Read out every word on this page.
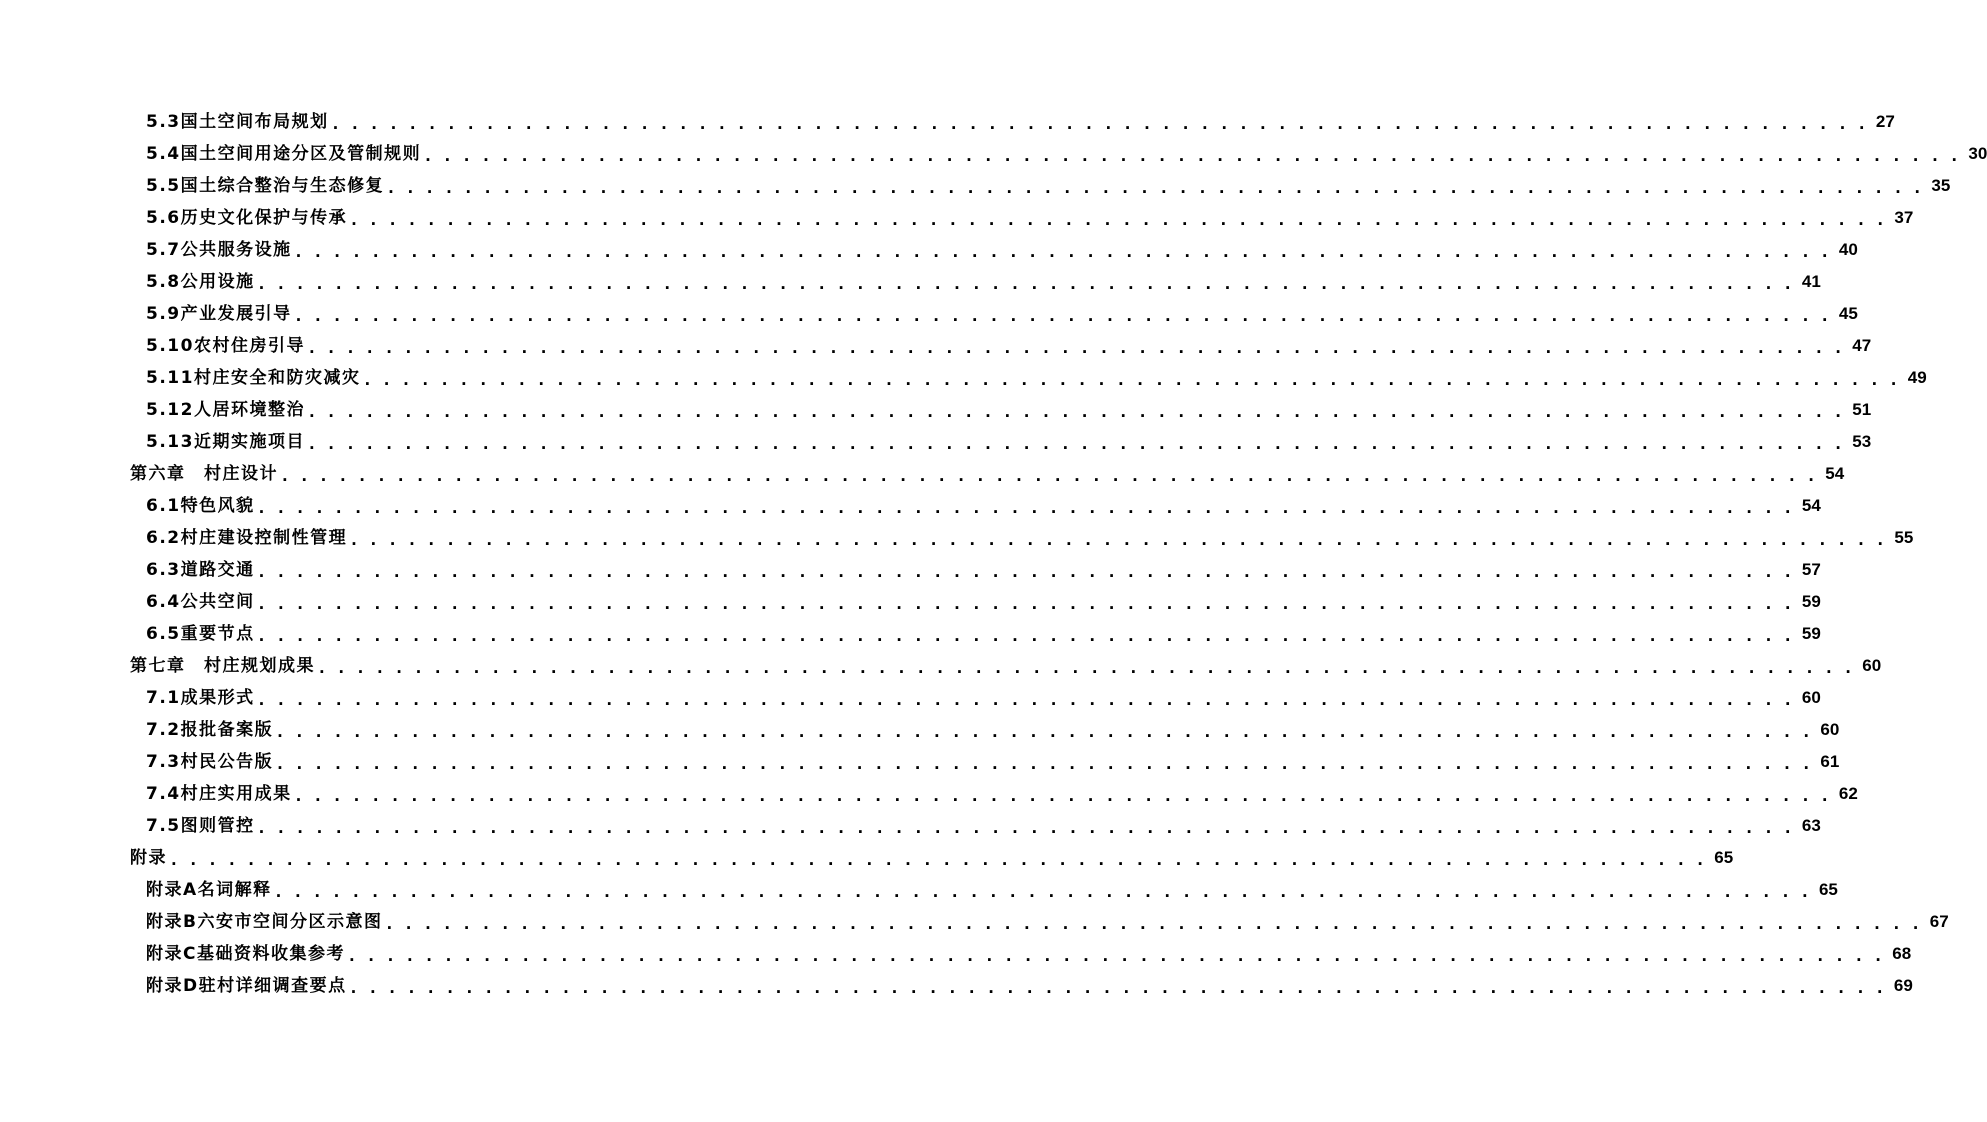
5.3国土空间布局规划 . . . . . . . . . . . . . . . . . . . . . . . . . . . . . . . . . . . . . . . . . . . . . . . . . . . . . . . . . . . . . . . . . . . . . . . . . . . . . . . . 27
5.4国土空间用途分区及管制规则 . . . . . . . . . . . . . . . . . . . . . . . . . . . . . . . . . . . . . . . . . . . . . . . . . . . . . . . . . . . . . . . . . . . . . . . . . . . . . . . . 30
5.5国土综合整治与生态修复 . . . . . . . . . . . . . . . . . . . . . . . . . . . . . . . . . . . . . . . . . . . . . . . . . . . . . . . . . . . . . . . . . . . . . . . . . . . . . . . . 35
5.6历史文化保护与传承 . . . . . . . . . . . . . . . . . . . . . . . . . . . . . . . . . . . . . . . . . . . . . . . . . . . . . . . . . . . . . . . . . . . . . . . . . . . . . . . . 37
5.7公共服务设施 . . . . . . . . . . . . . . . . . . . . . . . . . . . . . . . . . . . . . . . . . . . . . . . . . . . . . . . . . . . . . . . . . . . . . . . . . . . . . . . . 40
5.8公用设施 . . . . . . . . . . . . . . . . . . . . . . . . . . . . . . . . . . . . . . . . . . . . . . . . . . . . . . . . . . . . . . . . . . . . . . . . . . . . . . . . 41
5.9产业发展引导 . . . . . . . . . . . . . . . . . . . . . . . . . . . . . . . . . . . . . . . . . . . . . . . . . . . . . . . . . . . . . . . . . . . . . . . . . . . . . . . . 45
5.10农村住房引导 . . . . . . . . . . . . . . . . . . . . . . . . . . . . . . . . . . . . . . . . . . . . . . . . . . . . . . . . . . . . . . . . . . . . . . . . . . . . . . . . 47
5.11村庄安全和防灾减灾 . . . . . . . . . . . . . . . . . . . . . . . . . . . . . . . . . . . . . . . . . . . . . . . . . . . . . . . . . . . . . . . . . . . . . . . . . . . . . . . . 49
5.12人居环境整治 . . . . . . . . . . . . . . . . . . . . . . . . . . . . . . . . . . . . . . . . . . . . . . . . . . . . . . . . . . . . . . . . . . . . . . . . . . . . . . . . 51
5.13近期实施项目 . . . . . . . . . . . . . . . . . . . . . . . . . . . . . . . . . . . . . . . . . . . . . . . . . . . . . . . . . . . . . . . . . . . . . . . . . . . . . . . . 53
第六章　村庄设计 . . . . . . . . . . . . . . . . . . . . . . . . . . . . . . . . . . . . . . . . . . . . . . . . . . . . . . . . . . . . . . . . . . . . . . . . . . . . . . . . 54
6.1特色风貌 . . . . . . . . . . . . . . . . . . . . . . . . . . . . . . . . . . . . . . . . . . . . . . . . . . . . . . . . . . . . . . . . . . . . . . . . . . . . . . . . 54
6.2村庄建设控制性管理 . . . . . . . . . . . . . . . . . . . . . . . . . . . . . . . . . . . . . . . . . . . . . . . . . . . . . . . . . . . . . . . . . . . . . . . . . . . . . . . . 55
6.3道路交通 . . . . . . . . . . . . . . . . . . . . . . . . . . . . . . . . . . . . . . . . . . . . . . . . . . . . . . . . . . . . . . . . . . . . . . . . . . . . . . . . 57
6.4公共空间 . . . . . . . . . . . . . . . . . . . . . . . . . . . . . . . . . . . . . . . . . . . . . . . . . . . . . . . . . . . . . . . . . . . . . . . . . . . . . . . . 59
6.5重要节点 . . . . . . . . . . . . . . . . . . . . . . . . . . . . . . . . . . . . . . . . . . . . . . . . . . . . . . . . . . . . . . . . . . . . . . . . . . . . . . . . 59
第七章　村庄规划成果 . . . . . . . . . . . . . . . . . . . . . . . . . . . . . . . . . . . . . . . . . . . . . . . . . . . . . . . . . . . . . . . . . . . . . . . . . . . . . . . . 60
7.1成果形式 . . . . . . . . . . . . . . . . . . . . . . . . . . . . . . . . . . . . . . . . . . . . . . . . . . . . . . . . . . . . . . . . . . . . . . . . . . . . . . . . 60
7.2报批备案版 . . . . . . . . . . . . . . . . . . . . . . . . . . . . . . . . . . . . . . . . . . . . . . . . . . . . . . . . . . . . . . . . . . . . . . . . . . . . . . . . 60
7.3村民公告版 . . . . . . . . . . . . . . . . . . . . . . . . . . . . . . . . . . . . . . . . . . . . . . . . . . . . . . . . . . . . . . . . . . . . . . . . . . . . . . . . 61
7.4村庄实用成果 . . . . . . . . . . . . . . . . . . . . . . . . . . . . . . . . . . . . . . . . . . . . . . . . . . . . . . . . . . . . . . . . . . . . . . . . . . . . . . . . 62
7.5图则管控 . . . . . . . . . . . . . . . . . . . . . . . . . . . . . . . . . . . . . . . . . . . . . . . . . . . . . . . . . . . . . . . . . . . . . . . . . . . . . . . . 63
附录 . . . . . . . . . . . . . . . . . . . . . . . . . . . . . . . . . . . . . . . . . . . . . . . . . . . . . . . . . . . . . . . . . . . . . . . . . . . . . . . . 65
附录A名词解释 . . . . . . . . . . . . . . . . . . . . . . . . . . . . . . . . . . . . . . . . . . . . . . . . . . . . . . . . . . . . . . . . . . . . . . . . . . . . . . . . 65
附录B六安市空间分区示意图 . . . . . . . . . . . . . . . . . . . . . . . . . . . . . . . . . . . . . . . . . . . . . . . . . . . . . . . . . . . . . . . . . . . . . . . . . . . . . . . . 67
附录C基础资料收集参考 . . . . . . . . . . . . . . . . . . . . . . . . . . . . . . . . . . . . . . . . . . . . . . . . . . . . . . . . . . . . . . . . . . . . . . . . . . . . . . . . 68
附录D驻村详细调查要点 . . . . . . . . . . . . . . . . . . . . . . . . . . . . . . . . . . . . . . . . . . . . . . . . . . . . . . . . . . . . . . . . . . . . . . . . . . . . . . . . 69
